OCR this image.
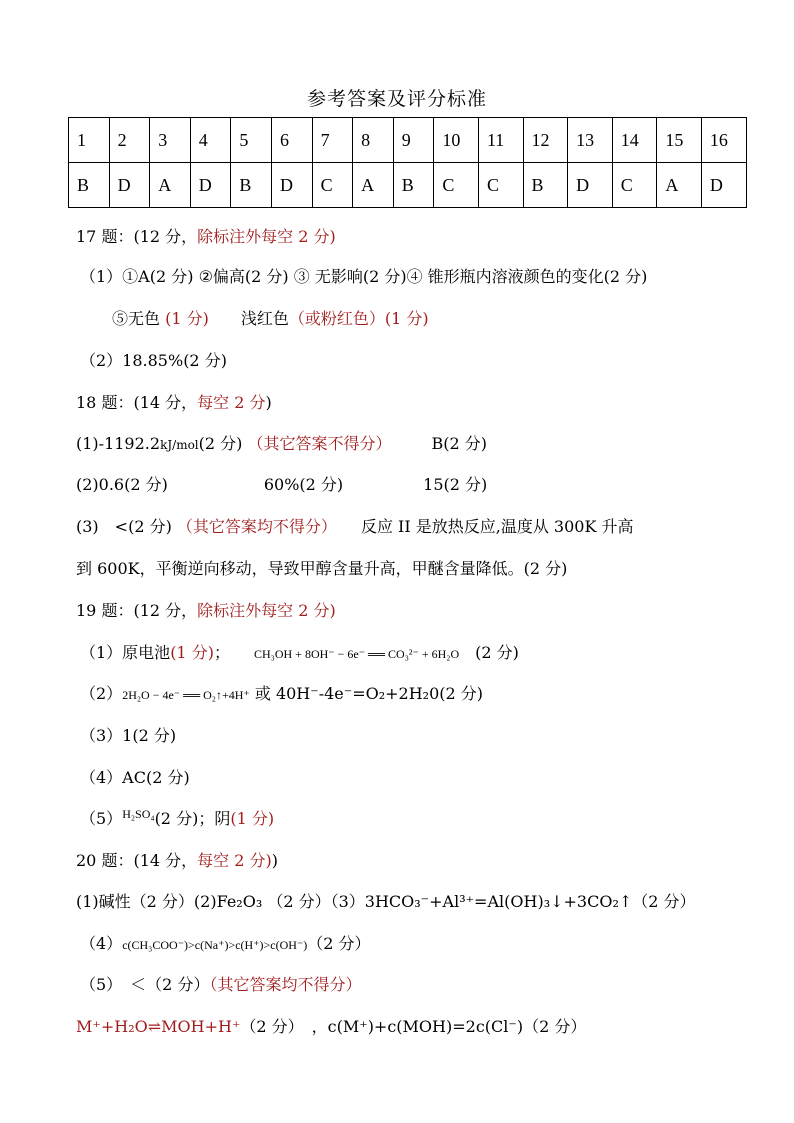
参考答案及评分标准
1	2	3	4	5	6	7	8	9	10	11	12	13	14	15	16
B	D	A	D	B	D	C	A	B	C	C	B	D	C	A	D
17 题：(12 分，除标注外每空 2 分)
（1）①A(2 分) ②偏高(2 分) ③ 无影响(2 分)④ 锥形瓶内溶液颜色的变化(2 分)
⑤无色 (1 分)　　浅红色（或粉红色）(1 分)
（2）18.85%(2 分)
18 题：(14 分，每空 2 分)
(1)-1192.2kJ/mol(2 分) （其它答案不得分）　　　B(2 分)
(2)0.6(2 分)　　　　　　60%(2 分)　　　　　15(2 分)
(3)　<(2 分) （其它答案均不得分）　　反应 II 是放热反应,温度从 300K 升高
到 600K，平衡逆向移动，导致甲醇含量升高，甲醚含量降低。(2 分)
19 题：(12 分，除标注外每空 2 分)
（1）原电池(1 分)；　　	CH₃OH + 8OH⁻ − 6e⁻ ══ CO₃²⁻ + 6H₂O　 (2 分)
（2）2H₂O − 4e⁻ ══ O₂↑+4H⁺ 或 40H⁻-4e⁻=O₂+2H₂0(2 分)
（3）1(2 分)
（4）AC(2 分)
$(5)^{H_2SO_4}(2$ 分)；阴(1 分)
20 题：(14 分，每空 2 分))
(1)碱性（2 分）(2)Fe₂O₃ （2 分）（3）3HCO₃⁻+Al³⁺=Al(OH)₃↓+3CO₂↑（2 分）
（4）c(CH₃COO⁻)>c(Na⁺)>c(H⁺)>c(OH⁻)（2 分）
（5）　＜（2 分）（其它答案均不得分）
M⁺+H₂O⇌MOH+H⁺（2 分）　，c(M⁺)+c(MOH)=2c(Cl⁻)（2 分）
